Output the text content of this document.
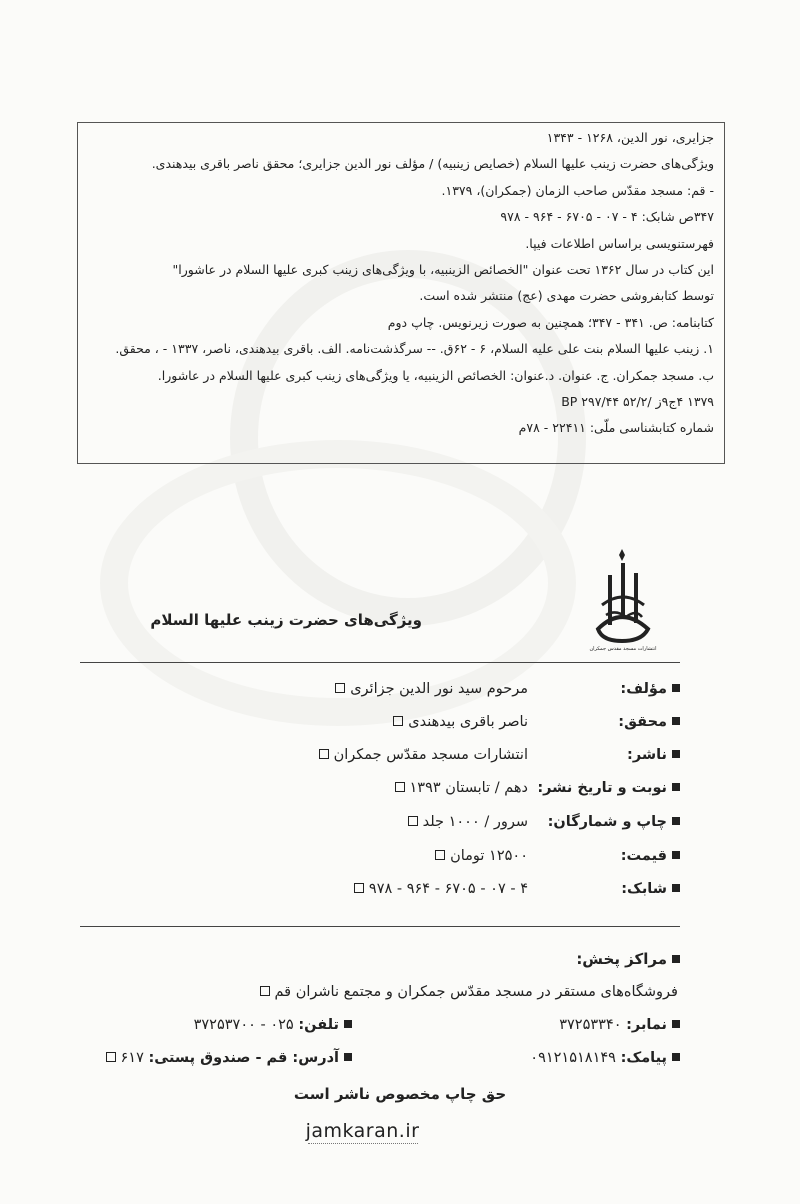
جزایری، نور الدین، ۱۲۶۸ - ۱۳۴۳
ویژگی‌های حضرت زینب علیها السلام (خصایص زینبیه) / مؤلف نور الدین جزایری؛ محقق ناصر باقری بیدهندی.
- قم: مسجد مقدّس صاحب الزمان (جمکران)، ۱۳۷۹.
۳۴۷ص شابک: ۴ - ۰۷ - ۶۷۰۵ - ۹۶۴ - ۹۷۸
فهرستنویسی براساس اطلاعات فیپا.
این کتاب در سال ۱۳۶۲ تحت عنوان "الخصائص الزینبیه، با ویژگی‌های زینب کبری علیها السلام در عاشورا"
توسط کتابفروشی حضرت مهدی (عج) منتشر شده است.
کتابنامه: ص. ۳۴۱ - ۳۴۷؛ همچنین به صورت زیرنویس. چاپ دوم
۱. زینب علیها السلام بنت علی علیه السلام، ۶ - ۶۲ق. -- سرگذشت‌نامه. الف. باقری بیدهندی، ناصر، ۱۳۳۷ - ، محقق.
ب. مسجد جمکران. ج. عنوان. د.عنوان: الخصائص الزینبیه، یا ویژگی‌های زینب کبری علیها السلام در عاشورا.
۱۳۷۹ ۴ج۹ز /۵۲/۲ BP ۲۹۷/۴۴
شماره کتابشناسی ملّی: ۲۲۴۱۱ - ۷۸م
انتشارات مسجد مقدس جمکران
ویژگی‌های حضرت زینب علیها السلام
مؤلف:
مرحوم سید نور الدین جزائری
محقق:
ناصر باقری بیدهندی
ناشر:
انتشارات مسجد مقدّس جمکران
نوبت و تاریخ نشر:
دهم / تابستان ۱۳۹۳
چاپ و شمارگان:
سرور / ۱۰۰۰ جلد
قیمت:
۱۲۵۰۰ تومان
شابک:
۴ - ۰۷ - ۶۷۰۵ - ۹۶۴ - ۹۷۸
مراکز پخش:
فروشگاه‌های مستقر در مسجد مقدّس جمکران و مجتمع ناشران قم
نمابر: ۳۷۲۵۳۳۴۰
تلفن: ۰۲۵ - ۳۷۲۵۳۷۰۰
پیامک: ۰۹۱۲۱۵۱۸۱۴۹
آدرس: قم - صندوق پستی: ۶۱۷
حق چاپ مخصوص ناشر است
jamkaran.ir
